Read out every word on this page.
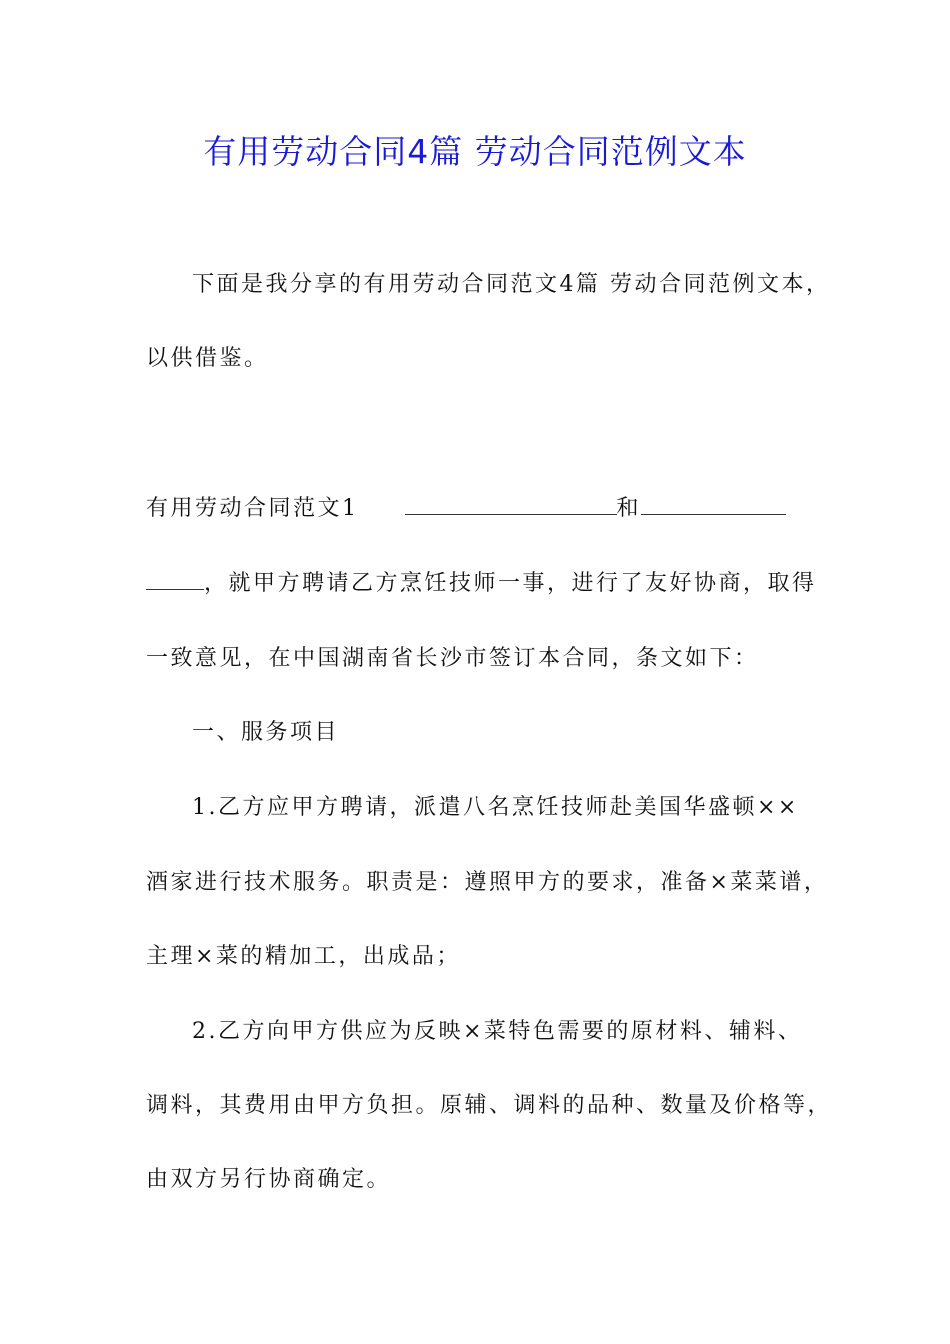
有用劳动合同4篇 劳动合同范例文本
下面是我分享的有用劳动合同范文4篇 劳动合同范例文本，
以供借鉴。
有用劳动合同范文1	和
，就甲方聘请乙方烹饪技师一事，进行了友好协商，取得
一致意见，在中国湖南省长沙市签订本合同，条文如下：
一、服务项目
1.乙方应甲方聘请，派遣八名烹饪技师赴美国华盛顿××
酒家进行技术服务。职责是：遵照甲方的要求，准备×菜菜谱，
主理×菜的精加工，出成品；
2.乙方向甲方供应为反映×菜特色需要的原材料、辅料、
调料，其费用由甲方负担。原辅、调料的品种、数量及价格等，
由双方另行协商确定。
